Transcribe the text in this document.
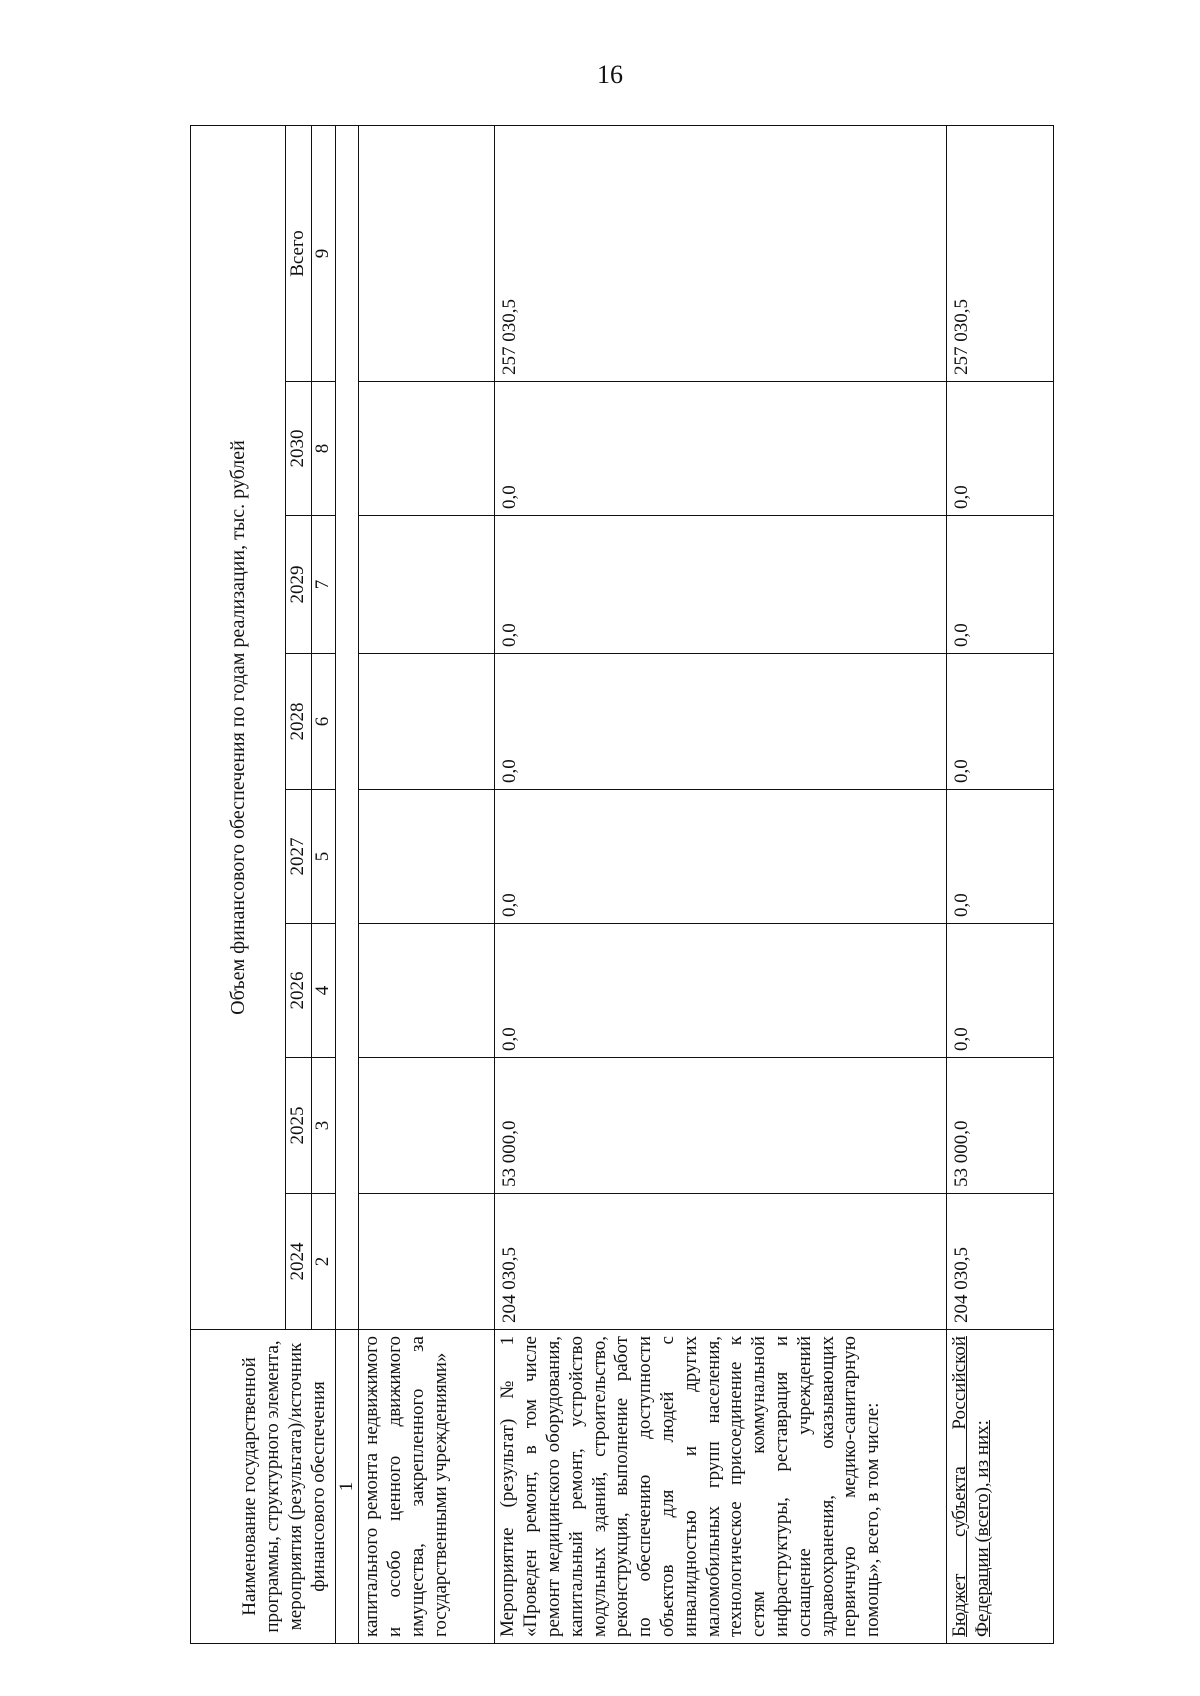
16
Наименование государственной программы, структурного элемента, мероприятия (результата)/источник финансового обеспечения	Объем финансового обеспечения по годам реализации, тыс. рублей							
	2024	2025	2026	2027	2028	2029	2030	Всего
	2	3	4	5	6	7	8	9
1								
капитального ремонта недвижимого и особо ценного движимого имущества, закрепленного за государственными учреждениями»								
Мероприятие (результат) № 1 «Проведен ремонт, в том числе ремонт медицинского оборудования, капитальный ремонт, устройство модульных зданий, строительство, реконструкция, выполнение работ по обеспечению доступности объектов для людей с инвалидностью и других маломобильных групп населения, технологическое присоединение к сетям коммунальной инфраструктуры, реставрация и оснащение учреждений здравоохранения, оказывающих первичную медико-санитарную помощь», всего, в том числе:	204 030,5	53 000,0	0,0	0,0	0,0	0,0	0,0	257 030,5
Бюджет субъекта Российской Федерации (всего), из них:	204 030,5	53 000,0	0,0	0,0	0,0	0,0	0,0	257 030,5
